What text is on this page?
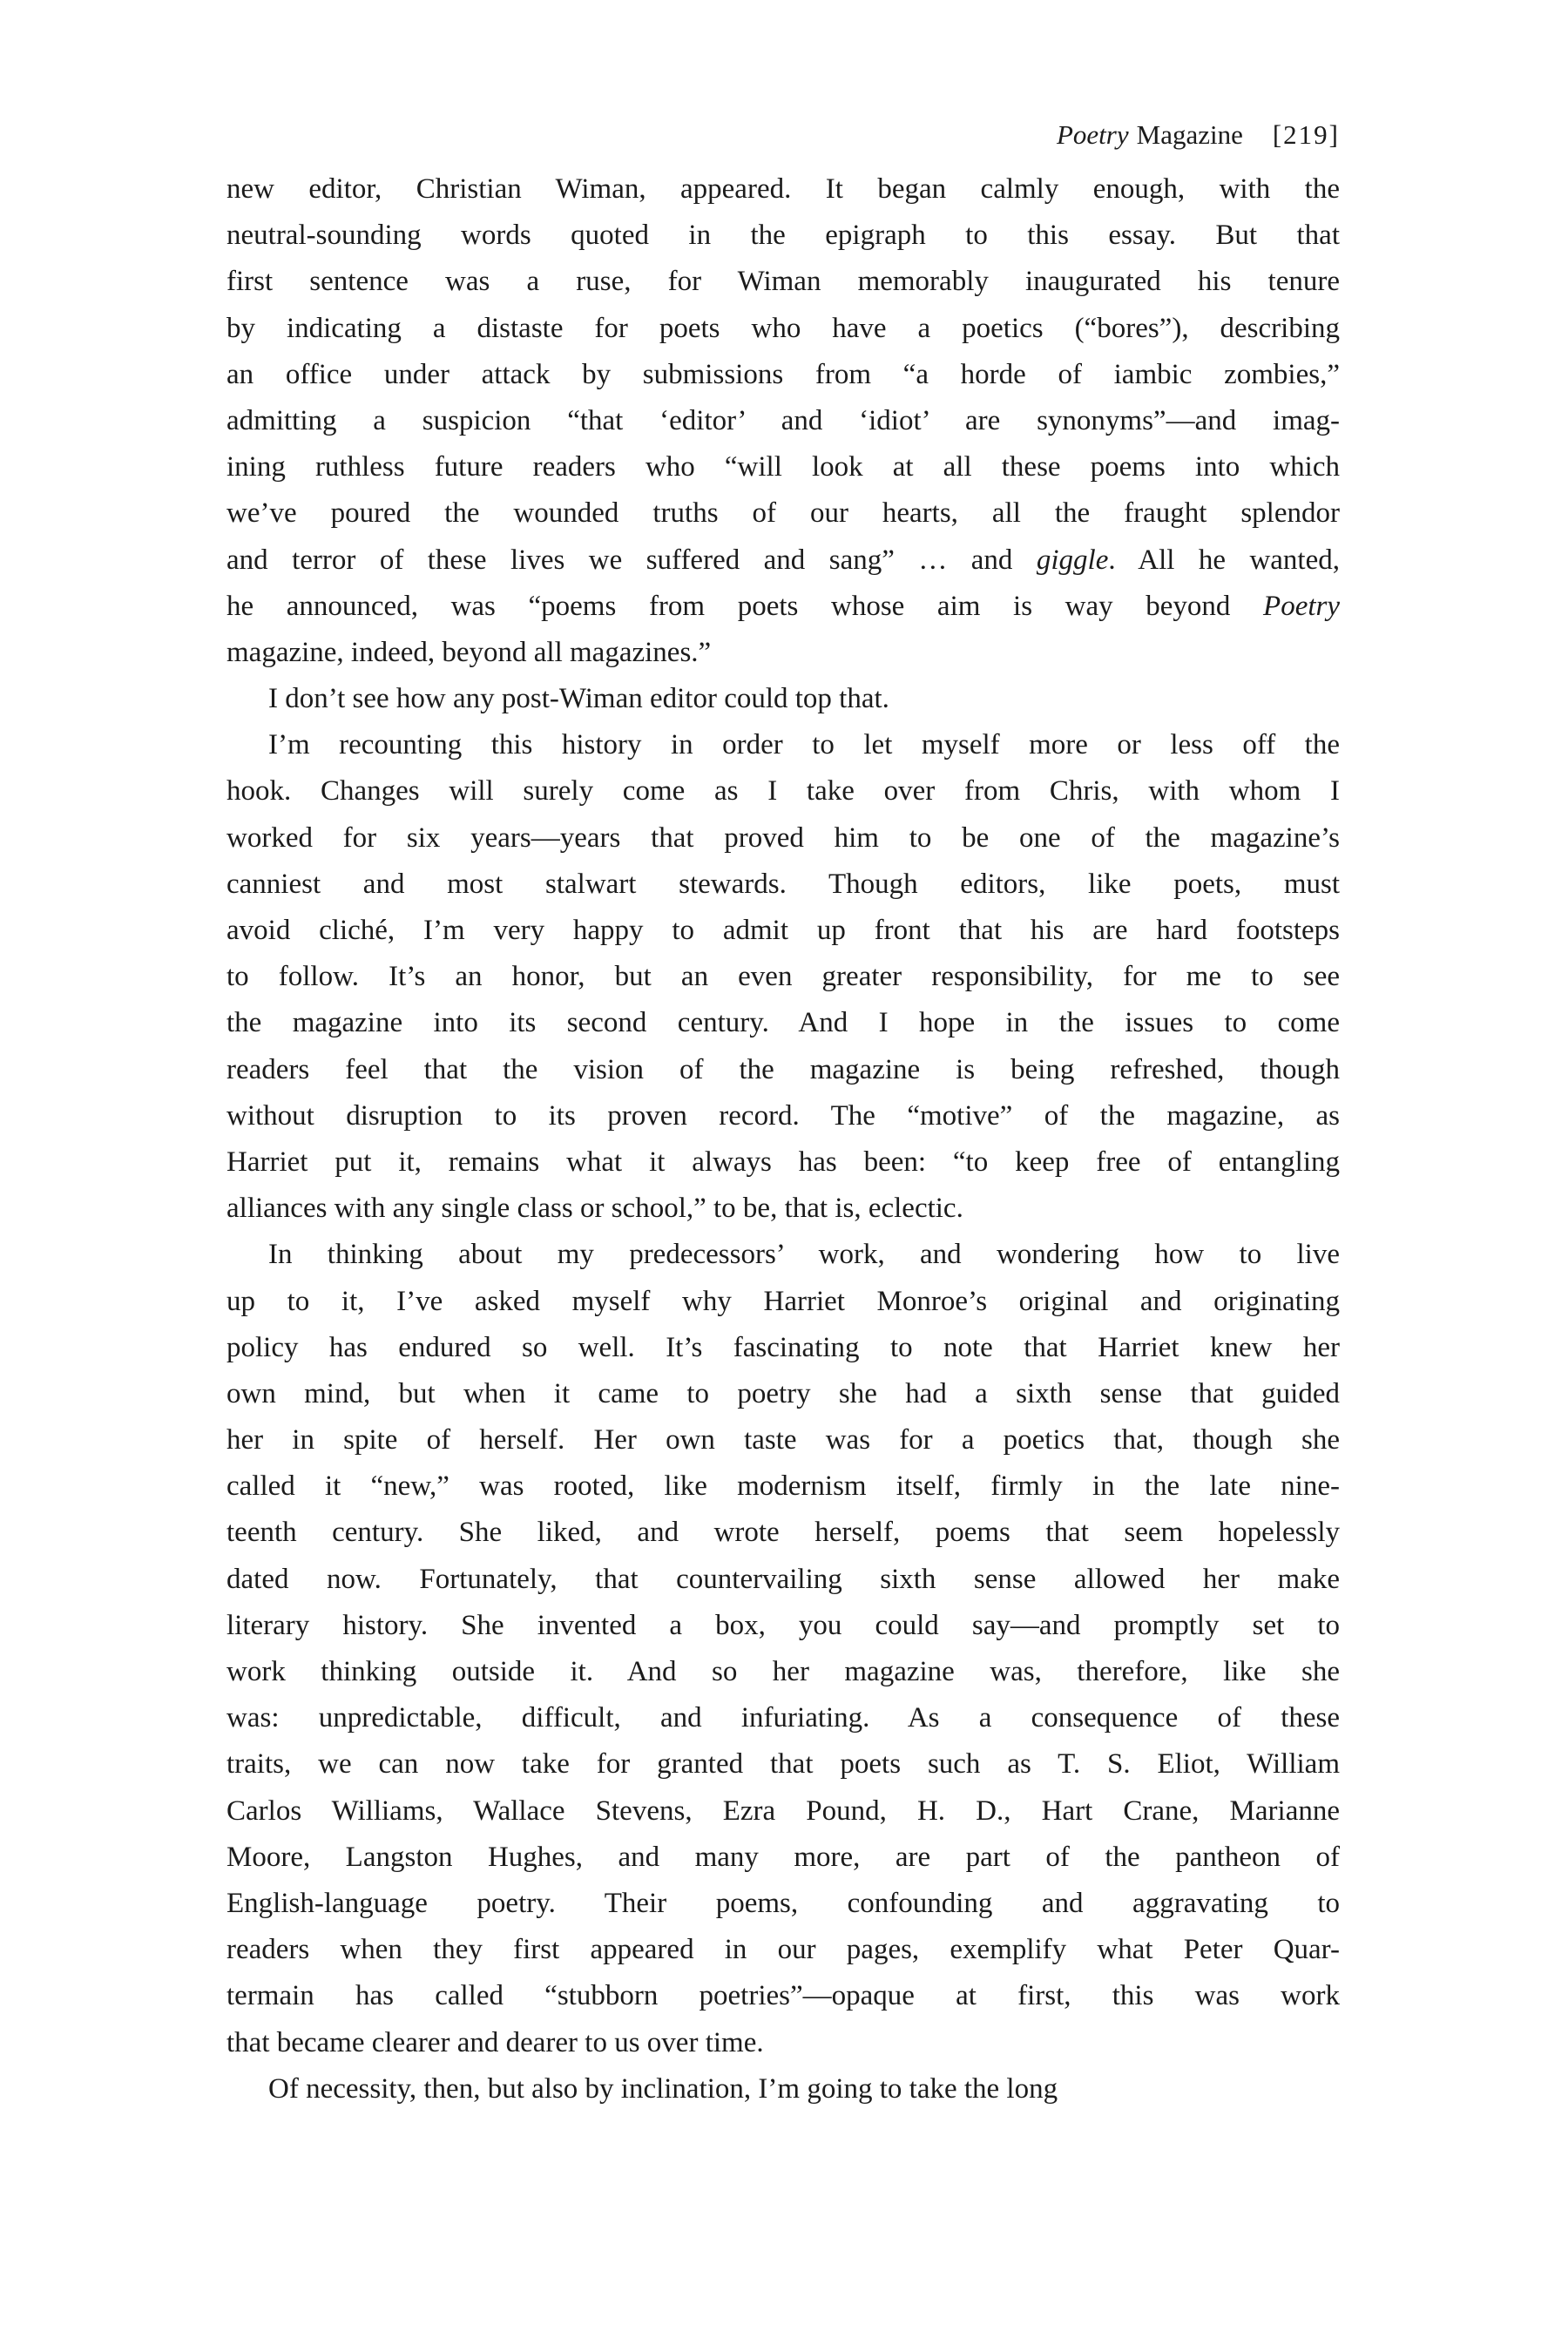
Poetry Magazine [219]
new editor, Christian Wiman, appeared. It began calmly enough, with the
neutral-sounding words quoted in the epigraph to this essay. But that
first sentence was a ruse, for Wiman memorably inaugurated his tenure
by indicating a distaste for poets who have a poetics (“bores”), describing
an office under attack by submissions from “a horde of iambic zombies,”
admitting a suspicion “that ‘editor’ and ‘idiot’ are synonyms”—and imag-
ining ruthless future readers who “will look at all these poems into which
we’ve poured the wounded truths of our hearts, all the fraught splendor
and terror of these lives we suffered and sang” … and giggle. All he wanted,
he announced, was “poems from poets whose aim is way beyond Poetry
magazine, indeed, beyond all magazines.”
I don’t see how any post-Wiman editor could top that.
I’m recounting this history in order to let myself more or less off the
hook. Changes will surely come as I take over from Chris, with whom I
worked for six years—years that proved him to be one of the magazine’s
canniest and most stalwart stewards. Though editors, like poets, must
avoid cliché, I’m very happy to admit up front that his are hard footsteps
to follow. It’s an honor, but an even greater responsibility, for me to see
the magazine into its second century. And I hope in the issues to come
readers feel that the vision of the magazine is being refreshed, though
without disruption to its proven record. The “motive” of the magazine, as
Harriet put it, remains what it always has been: “to keep free of entangling
alliances with any single class or school,” to be, that is, eclectic.
In thinking about my predecessors’ work, and wondering how to live
up to it, I’ve asked myself why Harriet Monroe’s original and originating
policy has endured so well. It’s fascinating to note that Harriet knew her
own mind, but when it came to poetry she had a sixth sense that guided
her in spite of herself. Her own taste was for a poetics that, though she
called it “new,” was rooted, like modernism itself, firmly in the late nine-
teenth century. She liked, and wrote herself, poems that seem hopelessly
dated now. Fortunately, that countervailing sixth sense allowed her make
literary history. She invented a box, you could say—and promptly set to
work thinking outside it. And so her magazine was, therefore, like she
was: unpredictable, difficult, and infuriating. As a consequence of these
traits, we can now take for granted that poets such as T. S. Eliot, William
Carlos Williams, Wallace Stevens, Ezra Pound, H. D., Hart Crane, Marianne
Moore, Langston Hughes, and many more, are part of the pantheon of
English-language poetry. Their poems, confounding and aggravating to
readers when they first appeared in our pages, exemplify what Peter Quar-
termain has called “stubborn poetries”—opaque at first, this was work
that became clearer and dearer to us over time.
Of necessity, then, but also by inclination, I’m going to take the long
